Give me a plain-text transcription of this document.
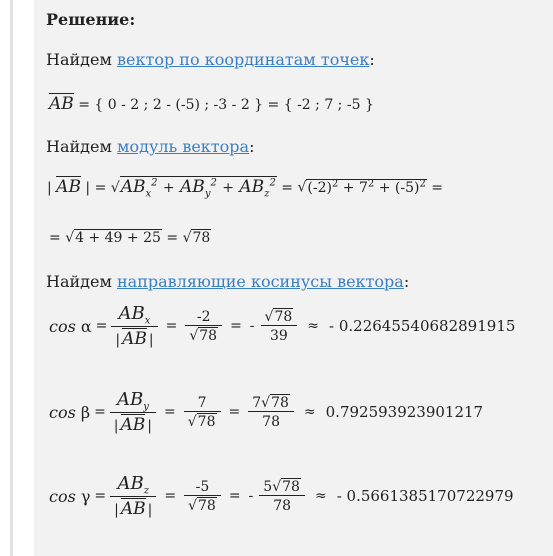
Решение:
Найдем вектор по координатам точек:
AB = { 0 - 2 ; 2 - (-5) ; -3 - 2 } = { -2 ; 7 ; -5 }
Найдем модуль вектора:
| AB | = $√AB_x^2 + AB_y^2 + AB_z^2 = √(-2)^2 + 7^2 + (-5)^2$ =
= √4 + 49 + 25 = √78
Найдем направляющие косинусы вектора:
$\cos \alpha = \frac{AB_x}{| AB |} = \frac{-2}{√78}$ = - $\frac{√78}{39}$ ≈ - 0.22645540682891915
$\cos \beta = \frac{AB_y}{| AB |} = \frac{7}{√78} = \frac{7√78}{78} \approx 0.792593923901217$
$\cos \gamma = \frac{AB_z}{| AB |} = \frac{-5}{√78}$ = - $\frac{5√78}{78}$ ≈ - 0.5661385170722979
